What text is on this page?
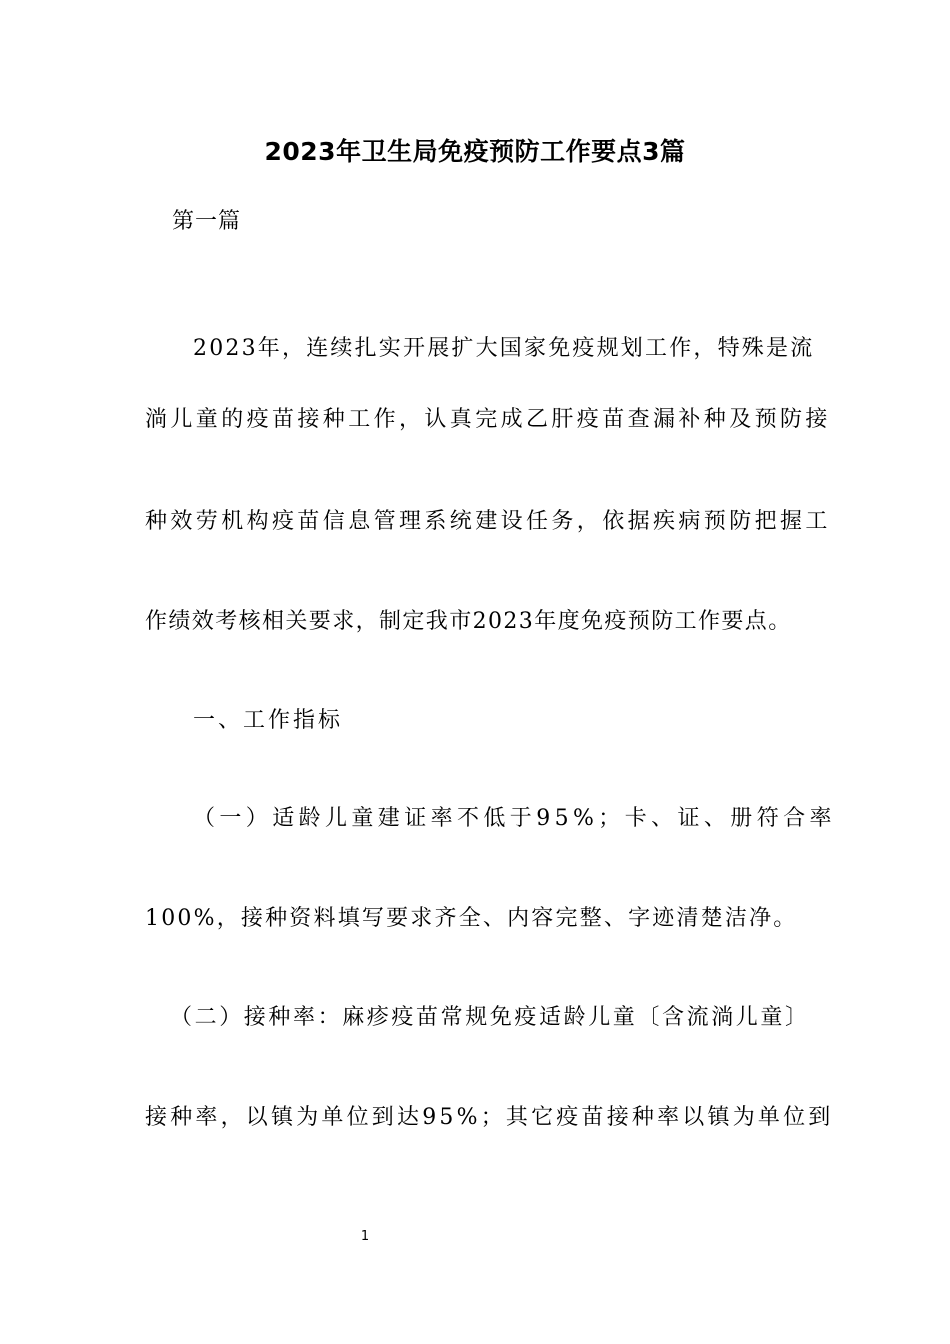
2023年卫生局免疫预防工作要点3篇
第一篇
2023年，连续扎实开展扩大国家免疫规划工作，特殊是流
淌儿童的疫苗接种工作，认真完成乙肝疫苗查漏补种及预防接
种效劳机构疫苗信息管理系统建设任务，依据疾病预防把握工
作绩效考核相关要求，制定我市2023年度免疫预防工作要点。
一、工作指标
（一）适龄儿童建证率不低于95%；卡、证、册符合率
100%，接种资料填写要求齐全、内容完整、字迹清楚洁净。
（二）接种率：麻疹疫苗常规免疫适龄儿童〔含流淌儿童〕
接种率，以镇为单位到达95%；其它疫苗接种率以镇为单位到
1
